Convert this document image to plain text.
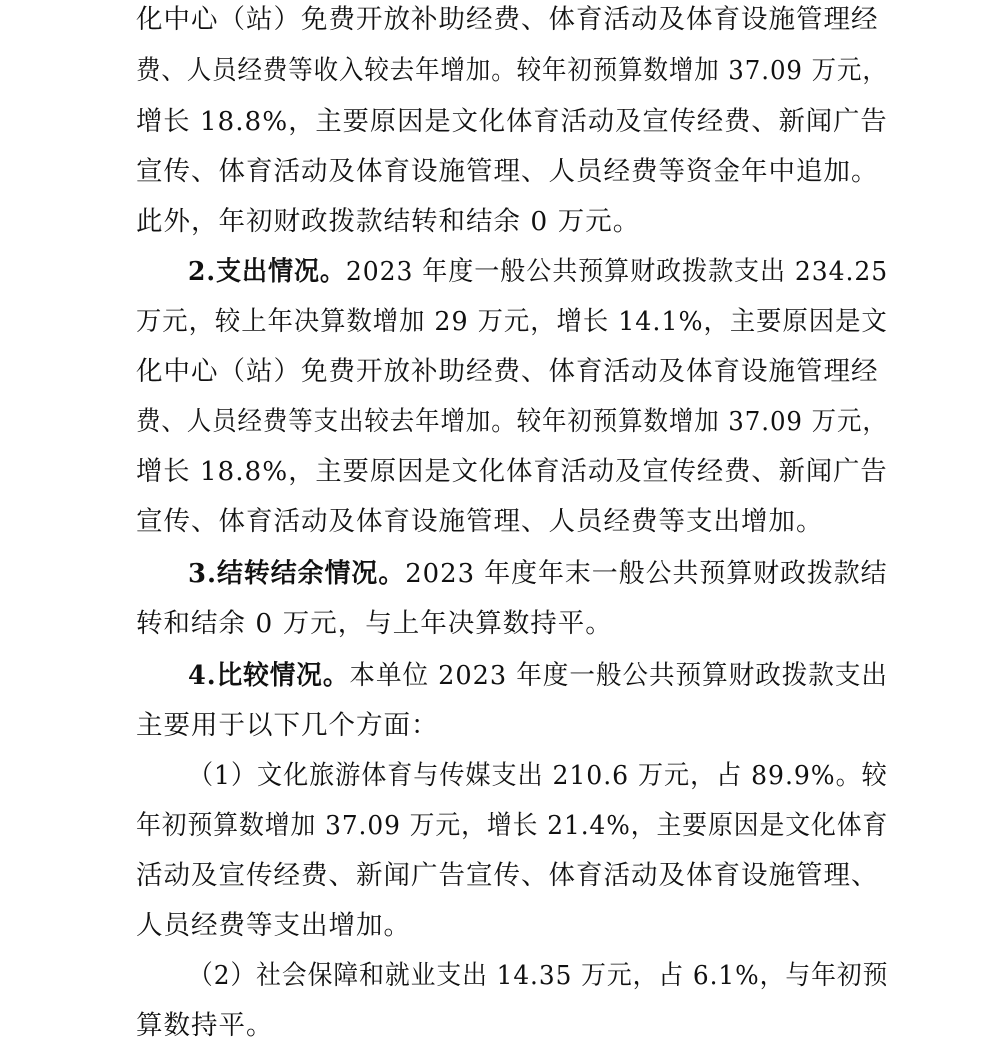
化中心（站）免费开放补助经费、体育活动及体育设施管理经
费、人员经费等收入较去年增加。较年初预算数增加 37.09 万元，
增长 18.8%，主要原因是文化体育活动及宣传经费、新闻广告
宣传、体育活动及体育设施管理、人员经费等资金年中追加。
此外，年初财政拨款结转和结余 0 万元。
2.支出情况。2023 年度一般公共预算财政拨款支出 234.25
万元，较上年决算数增加 29 万元，增长 14.1%，主要原因是文
化中心（站）免费开放补助经费、体育活动及体育设施管理经
费、人员经费等支出较去年增加。较年初预算数增加 37.09 万元，
增长 18.8%，主要原因是文化体育活动及宣传经费、新闻广告
宣传、体育活动及体育设施管理、人员经费等支出增加。
3.结转结余情况。2023 年度年末一般公共预算财政拨款结
转和结余 0 万元，与上年决算数持平。
4.比较情况。本单位 2023 年度一般公共预算财政拨款支出
主要用于以下几个方面：
（1）文化旅游体育与传媒支出 210.6 万元，占 89.9%。较
年初预算数增加 37.09 万元，增长 21.4%，主要原因是文化体育
活动及宣传经费、新闻广告宣传、体育活动及体育设施管理、
人员经费等支出增加。
（2）社会保障和就业支出 14.35 万元，占 6.1%，与年初预
算数持平。
